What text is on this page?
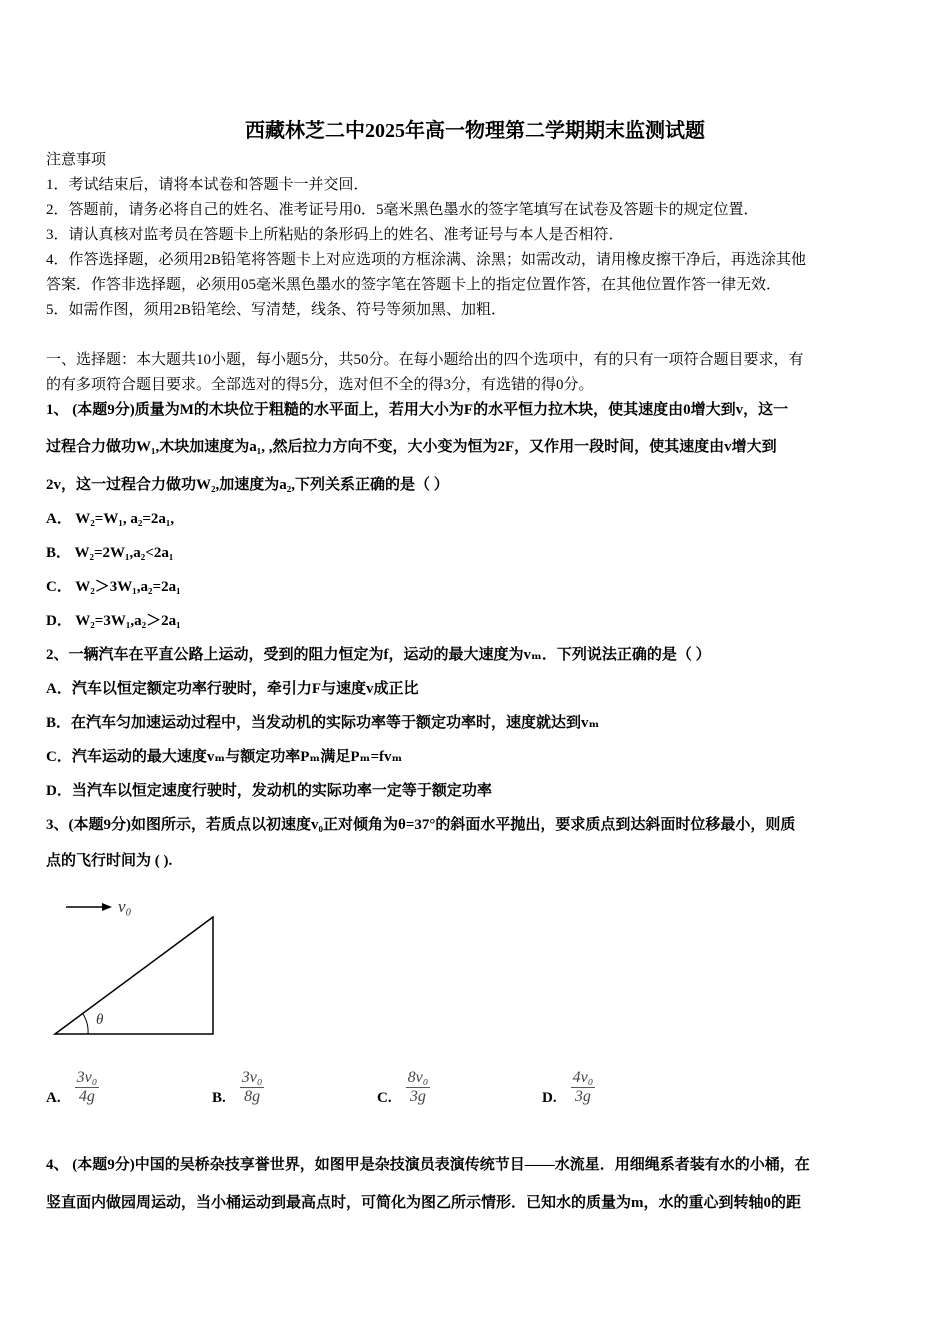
西藏林芝二中2025年高一物理第二学期期末监测试题
注意事项
1．考试结束后，请将本试卷和答题卡一并交回．
2．答题前，请务必将自己的姓名、准考证号用0．5毫米黑色墨水的签字笔填写在试卷及答题卡的规定位置．
3．请认真核对监考员在答题卡上所粘贴的条形码上的姓名、准考证号与本人是否相符．
4．作答选择题，必须用2B铅笔将答题卡上对应选项的方框涂满、涂黑；如需改动，请用橡皮擦干净后，再选涂其他
答案．作答非选择题，必须用05毫米黑色墨水的签字笔在答题卡上的指定位置作答，在其他位置作答一律无效．
5．如需作图，须用2B铅笔绘、写清楚，线条、符号等须加黑、加粗．
一、选择题：本大题共10小题，每小题5分，共50分。在每小题给出的四个选项中，有的只有一项符合题目要求，有
的有多项符合题目要求。全部选对的得5分，选对但不全的得3分，有选错的得0分。
1、 (本题9分)质量为M的木块位于粗糙的水平面上，若用大小为F的水平恒力拉木块，使其速度由0增大到v，这一
过程合力做功W₁,木块加速度为a₁, ,然后拉力方向不变，大小变为恒为2F，又作用一段时间，使其速度由v增大到
2v，这一过程合力做功W₂,加速度为a₂,下列关系正确的是（ ）
A． W₂=W₁, a₂=2a₁,
B． W₂=2W₁,a₂<2a₁
C． W₂＞3W₁,a₂=2a₁
D． W₂=3W₁,a₂＞2a₁
2、一辆汽车在平直公路上运动，受到的阻力恒定为f，运动的最大速度为vₘ．下列说法正确的是（ ）
A．汽车以恒定额定功率行驶时，牵引力F与速度v成正比
B．在汽车匀加速运动过程中，当发动机的实际功率等于额定功率时，速度就达到vₘ
C．汽车运动的最大速度vₘ与额定功率Pₘ满足Pₘ=fvₘ
D．当汽车以恒定速度行驶时，发动机的实际功率一定等于额定功率
3、(本题9分)如图所示，若质点以初速度v₀正对倾角为θ=37°的斜面水平抛出，要求质点到达斜面时位移最小，则质
点的飞行时间为 ( ).
v₀
θ
A. $\frac{\text{3v₀}}{4g}$	B. $\frac{\text{3v₀}}{8g}$	C. $\frac{\text{8v₀}}{3g}$	D. $\frac{\text{4v₀}}{3g}$
4、 (本题9分)中国的吴桥杂技享誉世界，如图甲是杂技演员表演传统节目——水流星．用细绳系者装有水的小桶，在
竖直面内做园周运动，当小桶运动到最高点时，可简化为图乙所示情形．已知水的质量为m，水的重心到转轴0的距
